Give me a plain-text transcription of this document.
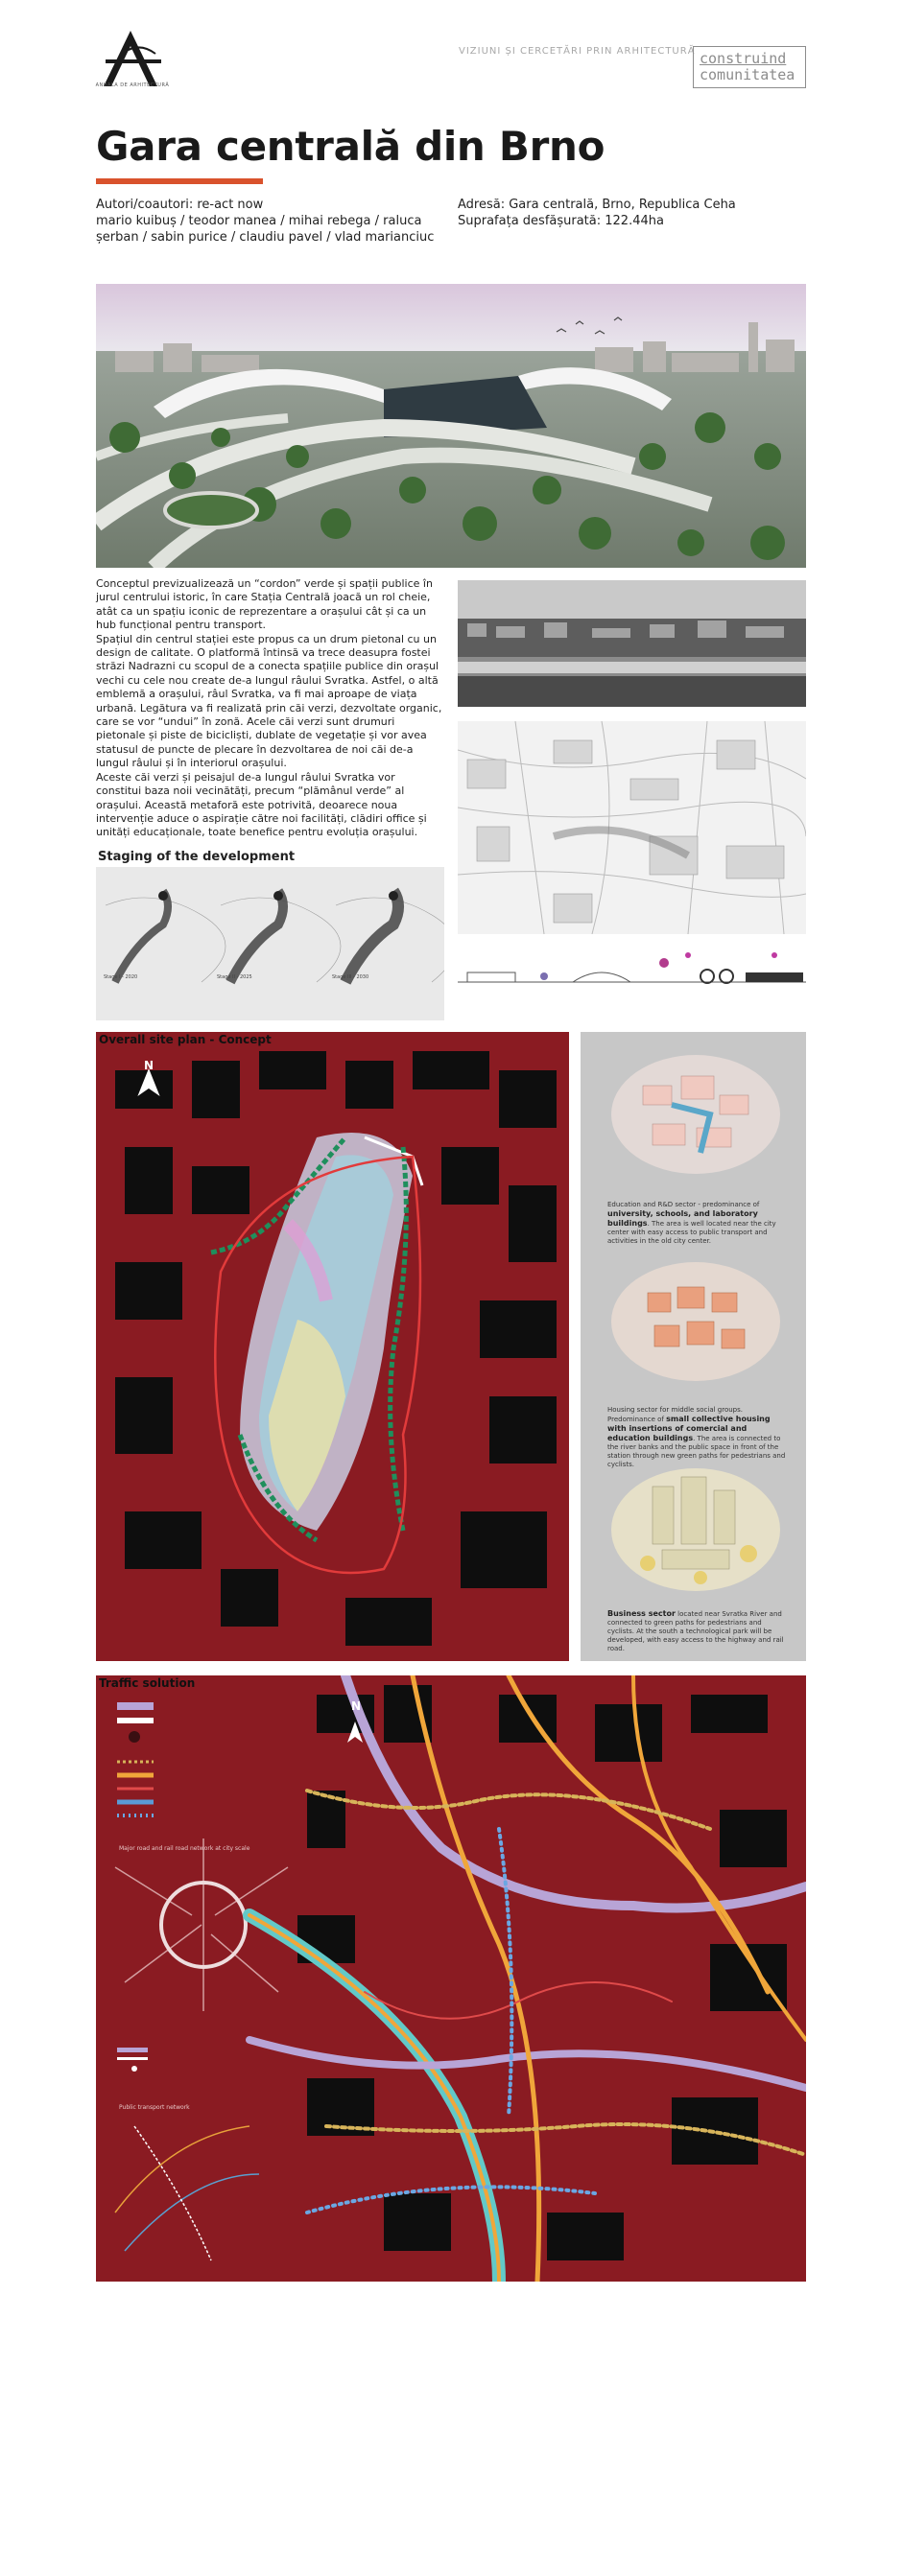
ANUALA DE ARHITECTURĂ
VIZIUNI ȘI CERCETĂRI PRIN ARHITECTURĂ construind
comunitatea
Gara centrală din Brno
Autori/coautori: re-act now
mario kuibuș / teodor manea / mihai rebega / raluca
șerban / sabin purice / claudiu pavel / vlad marianciuc
Adresă: Gara centrală, Brno, Republica Ceha
Suprafața desfășurată: 122.44ha

Conceptul previzualizează un “cordon” verde și spații publice în jurul centrului istoric, în care Stația Centrală joacă un rol cheie, atât ca un spațiu iconic de reprezentare a orașului cât și ca un hub funcțional pentru transport.

Spațiul din centrul stației este propus ca un drum pietonal cu un design de calitate. O platformă întinsă va trece deasupra fostei străzi Nadrazni cu scopul de a conecta spațiile publice din orașul vechi cu cele nou create de-a lungul râului Svratka. Astfel, o altă emblemă a orașului, râul Svratka, va fi mai aproape de viața urbană. Legătura va fi realizată prin căi verzi, dezvoltate organic, care se vor “undui” în zonă. Acele căi verzi sunt drumuri pietonale și piste de bicicliști, dublate de vegetație și vor avea statusul de puncte de plecare în dezvoltarea de noi căi de-a lungul râului și în interiorul orașului.

Aceste căi verzi și peisajul de-a lungul râului Svratka vor constitui baza noii vecinătăți, precum “plămânul verde” al orașului. Această metaforă este potrivită, deoarece noua intervenție aduce o aspirație către noi facilități, clădiri office și unități educaționale, toate benefice pentru evoluția orașului.

Staging of the development
Stage I - 2020	Stage II - 2025	Stage III - 2030
Overall site plan - Concept
N
Education and R&D sector - predominance of university, schools, and laboratory buildings. The area is well located near the city center with easy access to public transport and activities in the old city center.
Housing sector for middle social groups. Predominance of small collective housing with insertions of comercial and education buildings. The area is connected to the river banks and the public space in front of the station through new green paths for pedestrians and cyclists.
Business sector located near Svratka River and connected to green paths for pedestrians and cyclists. At the south a technological park will be developed, with easy access to the highway and rail road.
Traffic solution
N
Major road and rail road network at city scale
Public transport network
